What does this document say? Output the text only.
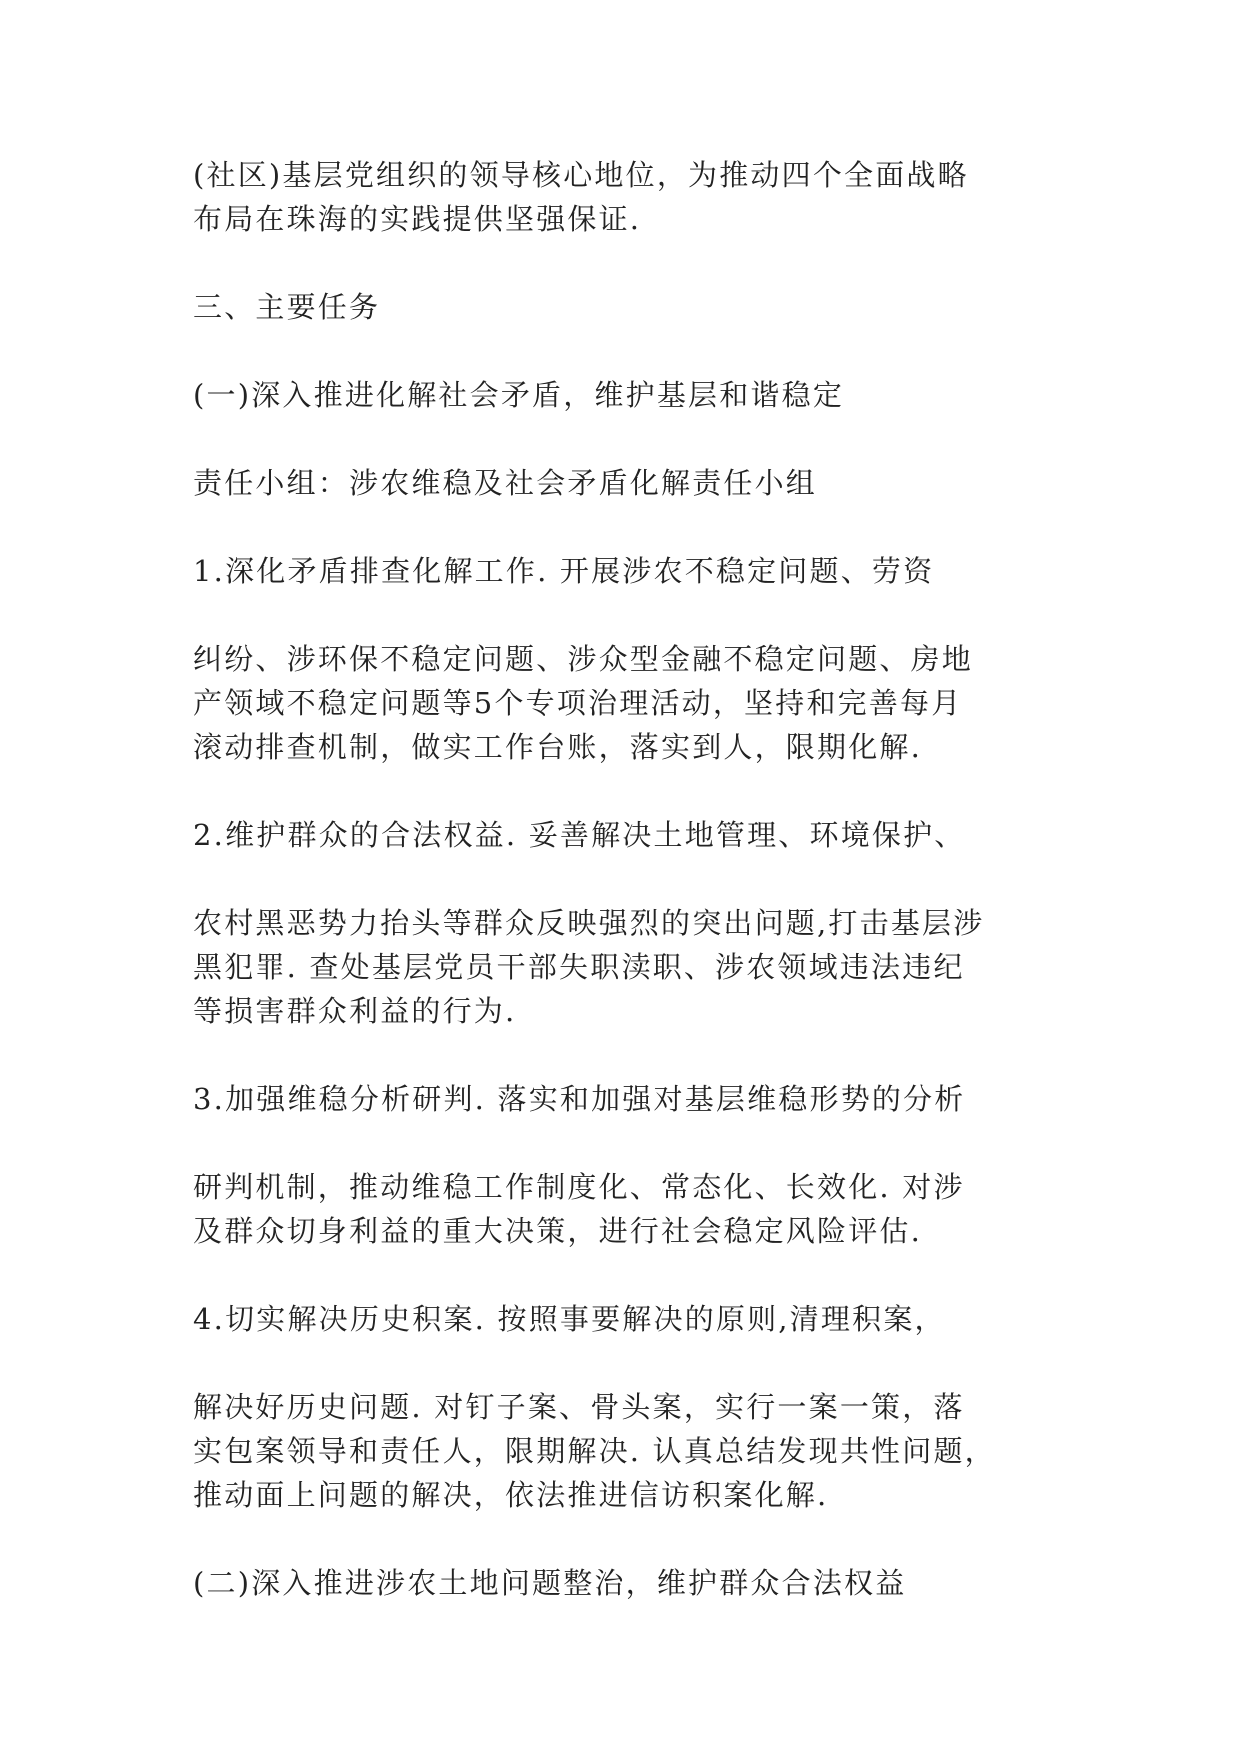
(社区)基层党组织的领导核心地位，为推动四个全面战略
布局在珠海的实践提供坚强保证.
三、主要任务
(一)深入推进化解社会矛盾，维护基层和谐稳定
责任小组：涉农维稳及社会矛盾化解责任小组
1.深化矛盾排查化解工作. 开展涉农不稳定问题、劳资
纠纷、涉环保不稳定问题、涉众型金融不稳定问题、房地
产领域不稳定问题等5个专项治理活动，坚持和完善每月
滚动排查机制，做实工作台账，落实到人，限期化解.
2.维护群众的合法权益. 妥善解决土地管理、环境保护、
农村黑恶势力抬头等群众反映强烈的突出问题,打击基层涉
黑犯罪. 查处基层党员干部失职渎职、涉农领域违法违纪
等损害群众利益的行为.
3.加强维稳分析研判. 落实和加强对基层维稳形势的分析
研判机制，推动维稳工作制度化、常态化、长效化. 对涉
及群众切身利益的重大决策，进行社会稳定风险评估.
4.切实解决历史积案. 按照事要解决的原则,清理积案，
解决好历史问题. 对钉子案、骨头案，实行一案一策，落
实包案领导和责任人，限期解决. 认真总结发现共性问题，
推动面上问题的解决，依法推进信访积案化解.
(二)深入推进涉农土地问题整治，维护群众合法权益
